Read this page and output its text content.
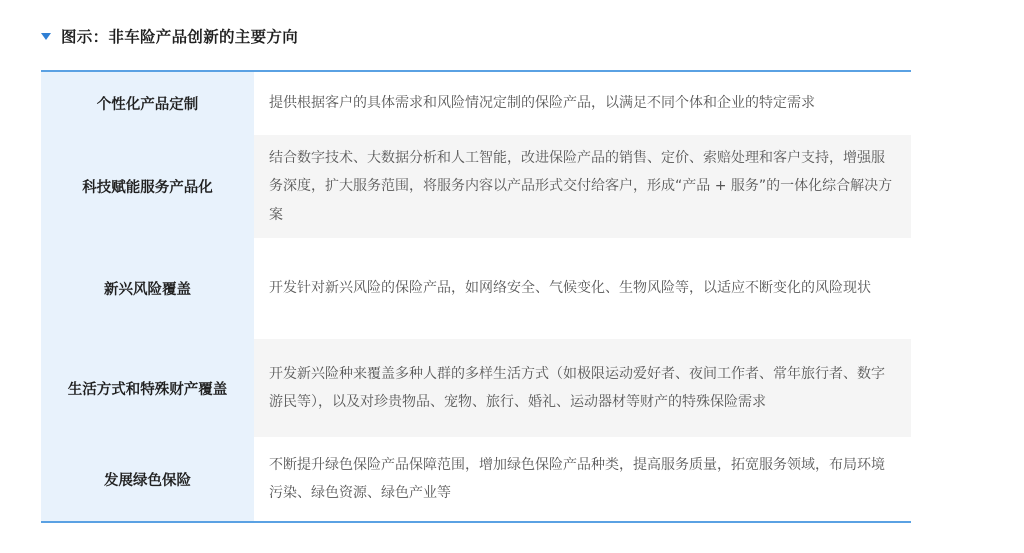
图示：非车险产品创新的主要方向
个性化产品定制	提供根据客户的具体需求和风险情况定制的保险产品，以满足不同个体和企业的特定需求
科技赋能服务产品化
结合数字技术、大数据分析和人工智能，改进保险产品的销售、定价、索赔处理和客户支持，增强服务深度，扩大服务范围，将服务内容以产品形式交付给客户，形成“产品 + 服务”的一体化综合解决方案
新兴风险覆盖	开发针对新兴风险的保险产品，如网络安全、气候变化、生物风险等，以适应不断变化的风险现状
生活方式和特殊财产覆盖
开发新兴险种来覆盖多种人群的多样生活方式（如极限运动爱好者、夜间工作者、常年旅行者、数字游民等），以及对珍贵物品、宠物、旅行、婚礼、运动器材等财产的特殊保险需求
发展绿色保险
不断提升绿色保险产品保障范围，增加绿色保险产品种类，提高服务质量，拓宽服务领域，布局环境污染、绿色资源、绿色产业等
